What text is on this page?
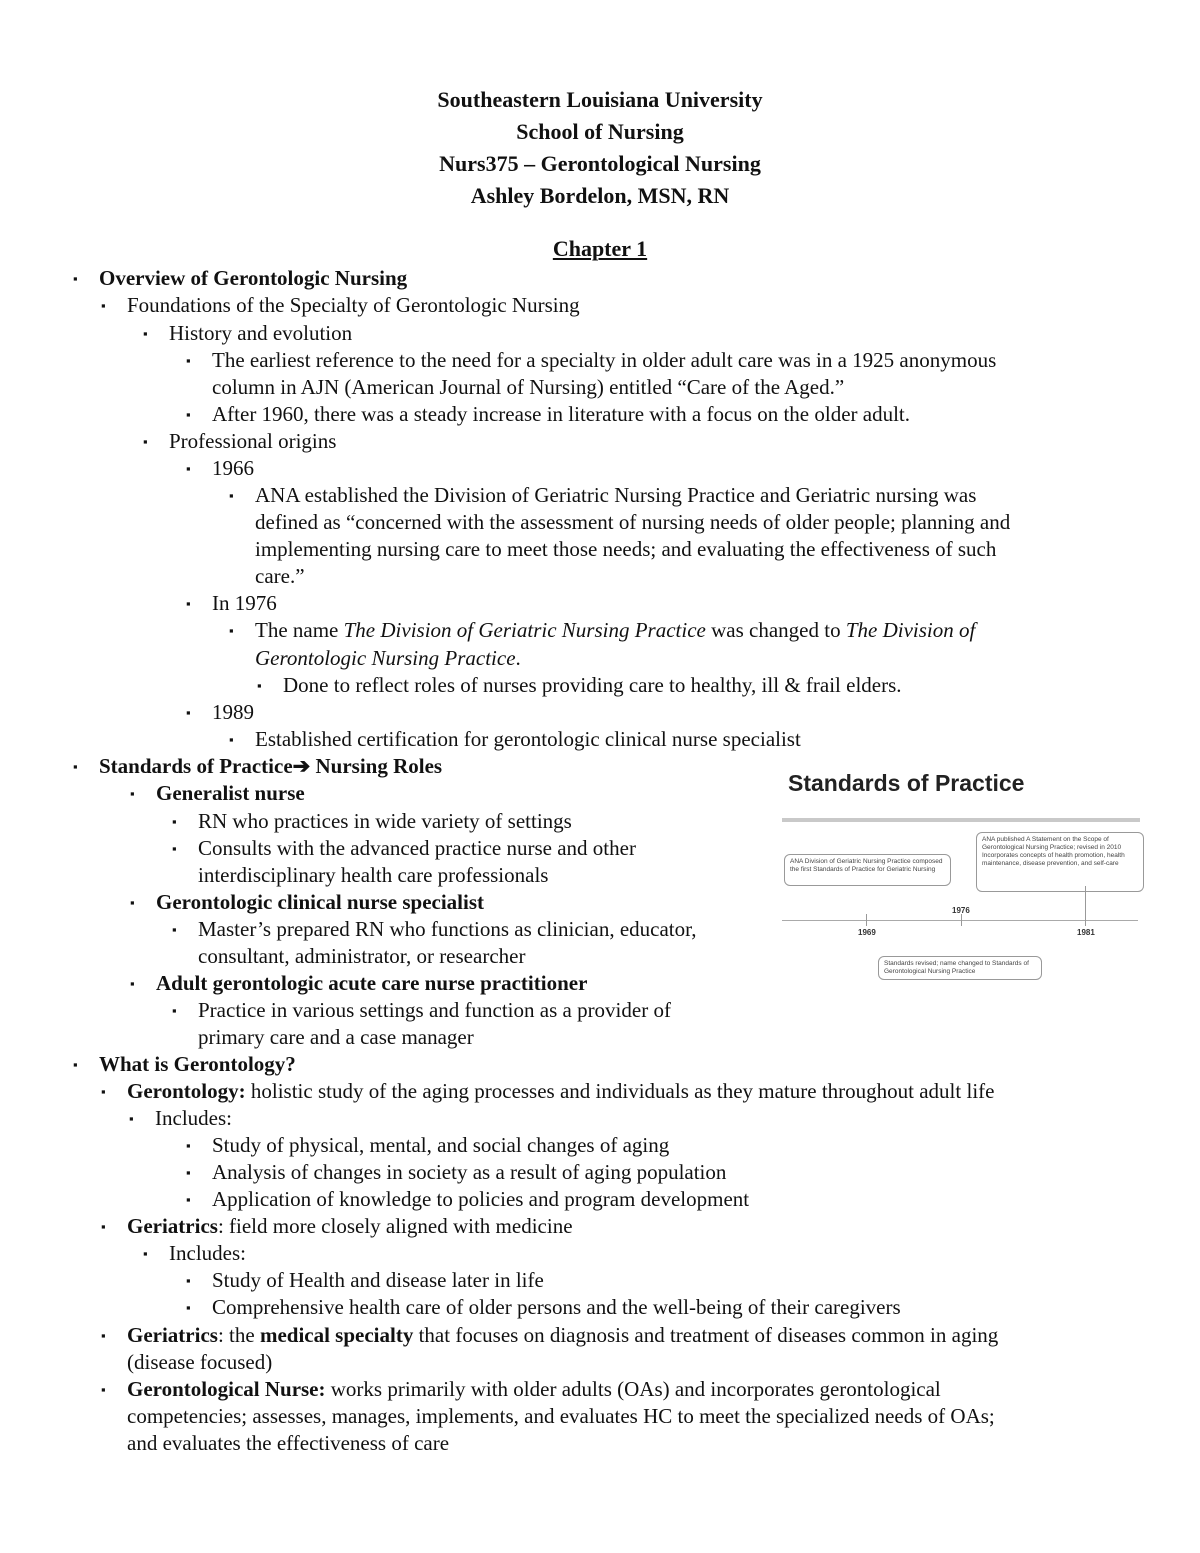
Southeastern Louisiana University
School of Nursing
Nurs375 – Gerontological Nursing
Ashley Bordelon, MSN, RN
Chapter 1
▪ Overview of Gerontologic Nursing
▪ Foundations of the Specialty of Gerontologic Nursing
▪ History and evolution
▪ The earliest reference to the need for a specialty in older adult care was in a 1925 anonymous
column in AJN (American Journal of Nursing) entitled “Care of the Aged.”
▪ After 1960, there was a steady increase in literature with a focus on the older adult.
▪ Professional origins
▪ 1966
▪ ANA established the Division of Geriatric Nursing Practice and Geriatric nursing was
defined as “concerned with the assessment of nursing needs of older people; planning and
implementing nursing care to meet those needs; and evaluating the effectiveness of such
care.”
▪ In 1976
▪ The name The Division of Geriatric Nursing Practice was changed to The Division of
Gerontologic Nursing Practice.
▪ Done to reflect roles of nurses providing care to healthy, ill & frail elders.
▪ 1989
▪ Established certification for gerontologic clinical nurse specialist
▪ Standards of Practice➔ Nursing Roles
▪ Generalist nurse
▪ RN who practices in wide variety of settings
▪ Consults with the advanced practice nurse and other
interdisciplinary health care professionals
▪ Gerontologic clinical nurse specialist
▪ Master’s prepared RN who functions as clinician, educator,
consultant, administrator, or researcher
▪ Adult gerontologic acute care nurse practitioner
▪ Practice in various settings and function as a provider of
primary care and a case manager
▪ What is Gerontology?
▪ Gerontology: holistic study of the aging processes and individuals as they mature throughout adult life
▪ Includes:
▪ Study of physical, mental, and social changes of aging
▪ Analysis of changes in society as a result of aging population
▪ Application of knowledge to policies and program development
▪ Geriatrics: field more closely aligned with medicine
▪ Includes:
▪ Study of Health and disease later in life
▪ Comprehensive health care of older persons and the well-being of their caregivers
▪ Geriatrics: the medical specialty that focuses on diagnosis and treatment of diseases common in aging
(disease focused)
▪ Gerontological Nurse: works primarily with older adults (OAs) and incorporates gerontological
competencies; assesses, manages, implements, and evaluates HC to meet the specialized needs of OAs;
and evaluates the effectiveness of care
Standards of Practice
ANA Division of Geriatric Nursing Practice composed the first Standards of Practice for Geriatric Nursing
ANA published A Statement on the Scope of Gerontological Nursing Practice; revised in 2010
Incorporates concepts of health promotion, health maintenance, disease prevention, and self-care
1969
1976
1981
Standards revised; name changed to Standards of Gerontological Nursing Practice
